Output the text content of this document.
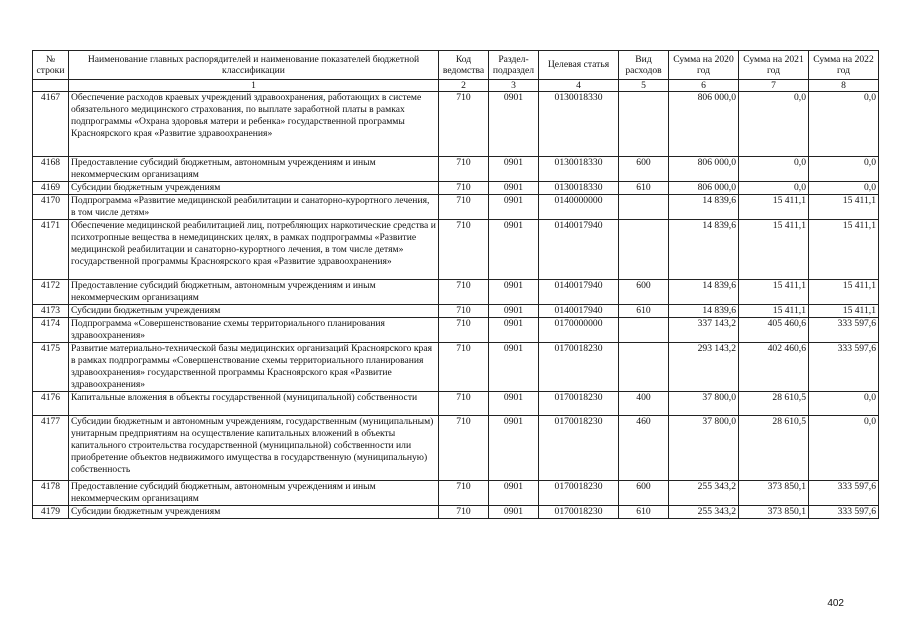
№ строки	Наименование главных распорядителей и наименование показателей бюджетной классификации	Код ведомства	Раздел-подраздел	Целевая статья	Вид расходов	Сумма на 2020 год	Сумма на 2021 год	Сумма на 2022 год
	1	2	3	4	5	6	7	8
4167	Обеспечение расходов краевых учреждений здравоохранения, работающих в системе обязательного медицинского страхования, по выплате заработной платы в рамках подпрограммы «Охрана здоровья матери и ребенка» государственной программы Красноярского края «Развитие здравоохранения»	710	0901	0130018330		806 000,0	0,0	0,0
4168	Предоставление субсидий бюджетным, автономным учреждениям и иным некоммерческим организациям	710	0901	0130018330	600	806 000,0	0,0	0,0
4169	Субсидии бюджетным учреждениям	710	0901	0130018330	610	806 000,0	0,0	0,0
4170	Подпрограмма «Развитие медицинской реабилитации и санаторно-курортного лечения, в том числе детям»	710	0901	0140000000		14 839,6	15 411,1	15 411,1
4171	Обеспечение медицинской реабилитацией лиц, потребляющих наркотические средства и психотропные вещества в немедицинских целях, в рамках подпрограммы «Развитие медицинской реабилитации и санаторно-курортного лечения, в том числе детям» государственной программы Красноярского края «Развитие здравоохранения»	710	0901	0140017940		14 839,6	15 411,1	15 411,1
4172	Предоставление субсидий бюджетным, автономным учреждениям и иным некоммерческим организациям	710	0901	0140017940	600	14 839,6	15 411,1	15 411,1
4173	Субсидии бюджетным учреждениям	710	0901	0140017940	610	14 839,6	15 411,1	15 411,1
4174	Подпрограмма «Совершенствование схемы территориального планирования здравоохранения»	710	0901	0170000000		337 143,2	405 460,6	333 597,6
4175	Развитие материально-технической базы медицинских организаций Красноярского края в рамках подпрограммы «Совершенствование схемы территориального планирования здравоохранения» государственной программы Красноярского края «Развитие здравоохранения»	710	0901	0170018230		293 143,2	402 460,6	333 597,6
4176	Капитальные вложения в объекты государственной (муниципальной) собственности	710	0901	0170018230	400	37 800,0	28 610,5	0,0
4177	Субсидии бюджетным и автономным учреждениям, государственным (муниципальным) унитарным предприятиям на осуществление капитальных вложений в объекты капитального строительства государственной (муниципальной) собственности или приобретение объектов недвижимого имущества в государственную (муниципальную) собственность	710	0901	0170018230	460	37 800,0	28 610,5	0,0
4178	Предоставление субсидий бюджетным, автономным учреждениям и иным некоммерческим организациям	710	0901	0170018230	600	255 343,2	373 850,1	333 597,6
4179	Субсидии бюджетным учреждениям	710	0901	0170018230	610	255 343,2	373 850,1	333 597,6
402
